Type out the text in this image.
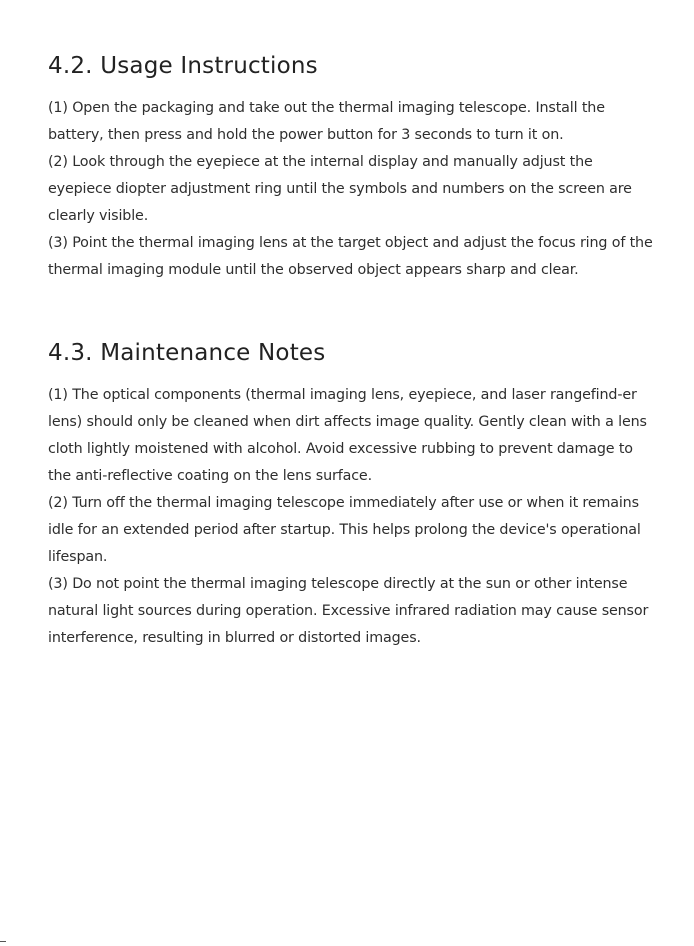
4.2. Usage Instructions

(1) Open the packaging and take out the thermal imaging telescope. Install the battery, then press and hold the power button for 3 seconds to turn it on.

(2) Look through the eyepiece at the internal display and manually adjust the eyepiece diopter adjustment ring until the symbols and numbers on the screen are clearly visible.

(3) Point the thermal imaging lens at the target object and adjust the focus ring of the thermal imaging module until the observed object appears sharp and clear.

4.3. Maintenance Notes

(1) The optical components (thermal imaging lens, eyepiece, and laser rangefind-er lens) should only be cleaned when dirt affects image quality. Gently clean with a lens cloth lightly moistened with alcohol. Avoid excessive rubbing to prevent damage to the anti-reflective coating on the lens surface.

(2) Turn off the thermal imaging telescope immediately after use or when it remains idle for an extended period after startup. This helps prolong the device's operational lifespan.

(3) Do not point the thermal imaging telescope directly at the sun or other intense natural light sources during operation. Excessive infrared radiation may cause sensor interference, resulting in blurred or distorted images.
